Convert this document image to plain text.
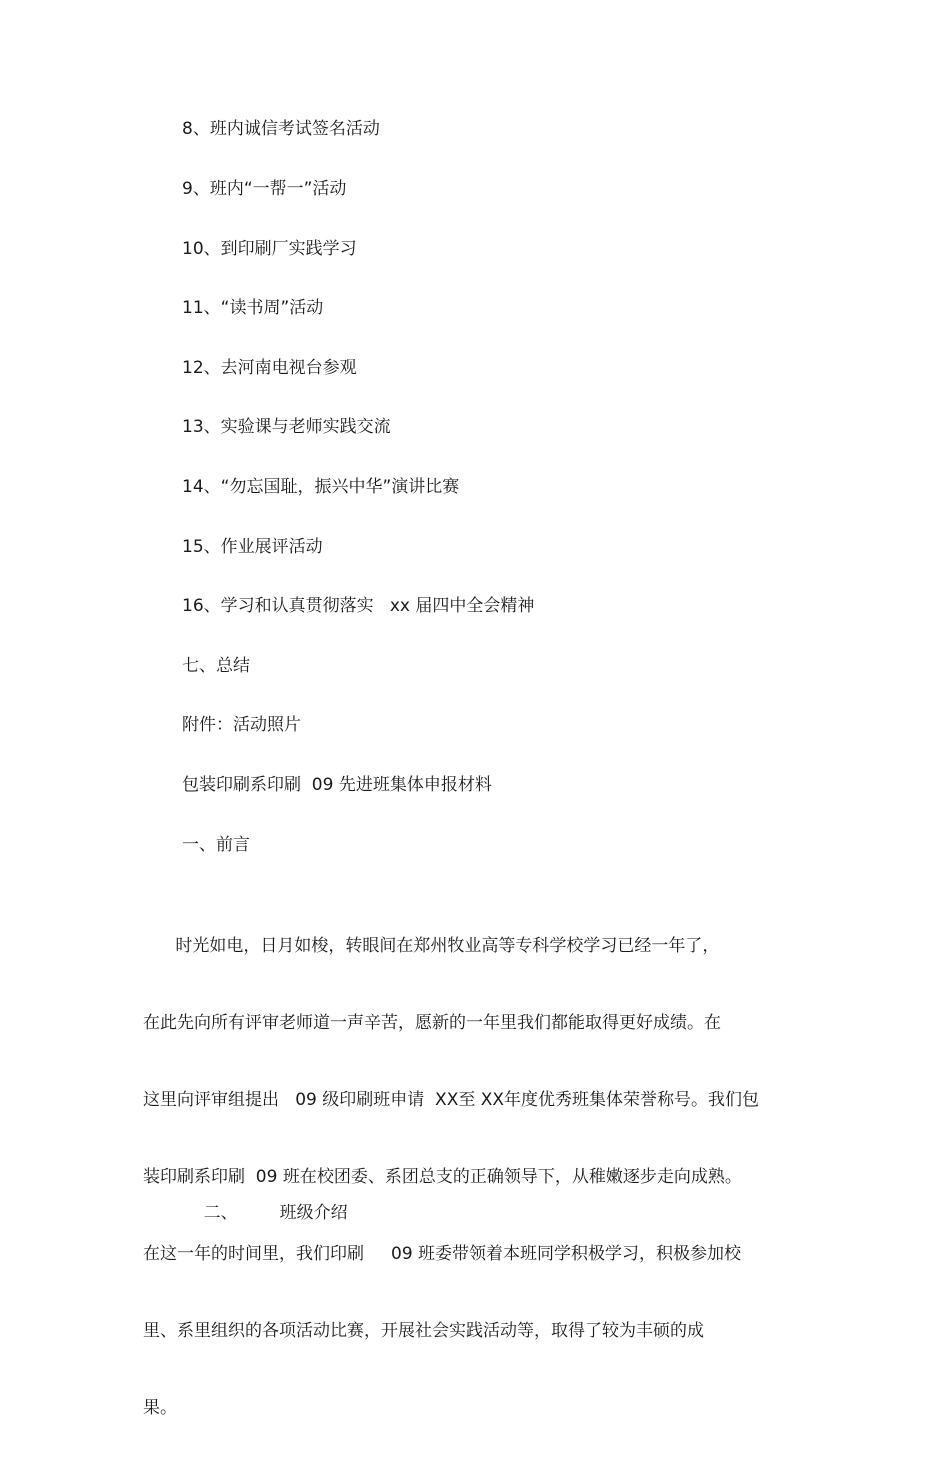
8、班内诚信考试签名活动
9、班内“一帮一”活动
10、到印刷厂实践学习
11、“读书周”活动
12、去河南电视台参观
13、实验课与老师实践交流
14、“勿忘国耻，振兴中华”演讲比赛
15、作业展评活动
16、学习和认真贯彻落实   xx 届四中全会精神
七、总结
附件：活动照片
包装印刷系印刷  09 先进班集体申报材料
一、前言

时光如电，日月如梭，转眼间在郑州牧业高等专科学校学习已经一年了，

在此先向所有评审老师道一声辛苦，愿新的一年里我们都能取得更好成绩。在

这里向评审组提出   09 级印刷班申请  XX至 XX年度优秀班集体荣誉称号。我们包

装印刷系印刷  09 班在校团委、系团总支的正确领导下，从稚嫩逐步走向成熟。

在这一年的时间里，我们印刷     09 班委带领着本班同学积极学习，积极参加校

里、系里组织的各项活动比赛，开展社会实践活动等，取得了较为丰硕的成

果。

二、 班级介绍
